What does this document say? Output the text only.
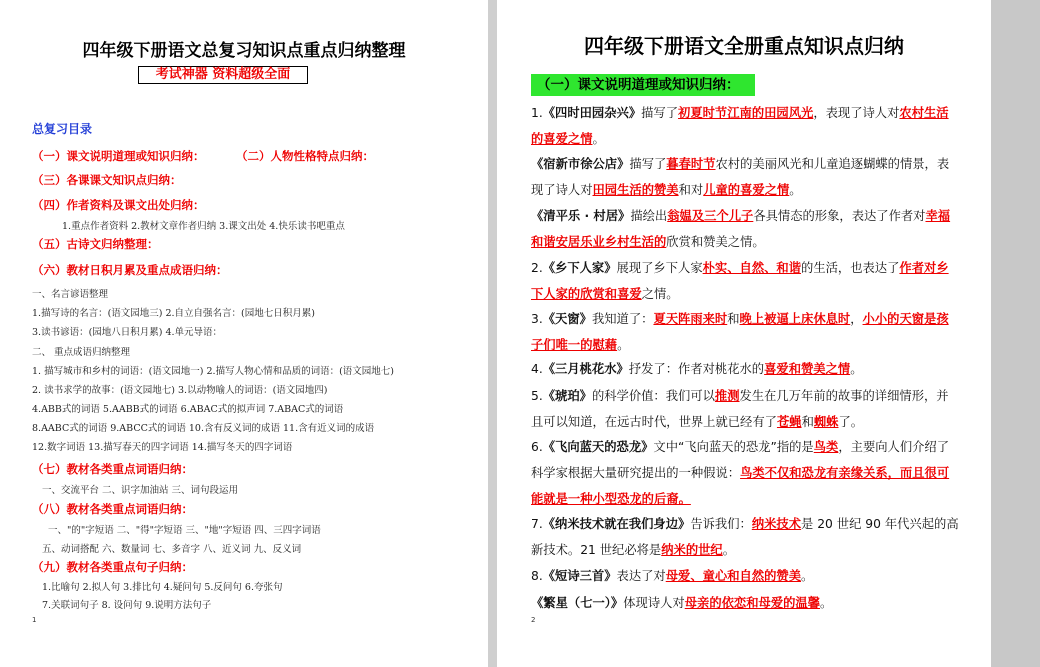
四年级下册语文总复习知识点重点归纳整理
考试神器 资料超级全面
总复习目录
（一）课文说明道理或知识归纳：	（二）人物性格特点归纳：
（三）各课课文知识点归纳：
（四）作者资料及课文出处归纳：
1.重点作者资料 2.教材文章作者归纳 3.课文出处 4.快乐读书吧重点
（五）古诗文归纳整理：
（六）教材日积月累及重点成语归纳：
一、名言谚语整理
1.描写诗的名言：(语文园地三) 2.自立自强名言：(园地七日积月累)
3.读书谚语：(园地八日积月累) 4.单元导语：
二、 重点成语归纳整理
1. 描写城市和乡村的词语：(语文园地一) 2.描写人物心情和品质的词语：(语文园地七)
2. 读书求学的故事：(语文园地七) 3.以动物喻人的词语：(语文园地四)
4.ABB式的词语 5.AABB式的词语 6.ABAC式的拟声词 7.ABAC式的词语
8.AABC式的词语 9.ABCC式的词语 10.含有反义词的成语 11.含有近义词的成语
12.数字词语 13.描写春天的四字词语 14.描写冬天的四字词语
（七）教材各类重点词语归纳：
一、交流平台 二、识字加油站 三、词句段运用
（八）教材各类重点词语归纳：
一、"的"字短语 二、"得"字短语 三、"地"字短语 四、三四字词语
五、动词搭配 六、数量词 七、多音字 八、近义词 九、反义词
（九）教材各类重点句子归纳：
1.比喻句 2.拟人句 3.排比句 4.疑问句 5.反问句 6.夸张句
7.关联词句子 8. 设问句 9.说明方法句子
1
四年级下册语文全册重点知识点归纳
（一）课文说明道理或知识归纳：
1.《四时田园杂兴》描写了初夏时节江南的田园风光，表现了诗人对农村生活的喜爱之情。
《宿新市徐公店》描写了暮春时节农村的美丽风光和儿童追逐蝴蝶的情景，表现了诗人对田园生活的赞美和对儿童的喜爱之情。
《清平乐 · 村居》描绘出翁媪及三个儿子各具情态的形象，表达了作者对幸福和谐安居乐业乡村生活的欣赏和赞美之情。
2.《乡下人家》展现了乡下人家朴实、自然、和谐的生活，也表达了作者对乡下人家的欣赏和喜爱之情。
3.《天窗》我知道了：夏天阵雨来时和晚上被逼上床休息时，小小的天窗是孩子们唯一的慰藉。
4.《三月桃花水》抒发了：作者对桃花水的喜爱和赞美之情。
5.《琥珀》的科学价值：我们可以推测发生在几万年前的故事的详细情形，并且可以知道，在远古时代，世界上就已经有了苍蝇和蜘蛛了。
6.《飞向蓝天的恐龙》文中“飞向蓝天的恐龙”指的是鸟类，主要向人们介绍了科学家根据大量研究提出的一种假说：鸟类不仅和恐龙有亲缘关系，而且很可能就是一种小型恐龙的后裔。
7.《纳米技术就在我们身边》告诉我们：纳米技术是 20 世纪 90 年代兴起的高新技术。21 世纪必将是纳米的世纪。
8.《短诗三首》表达了对母爱、童心和自然的赞美。
《繁星（七一）》体现诗人对母亲的依恋和母爱的温馨。
2
